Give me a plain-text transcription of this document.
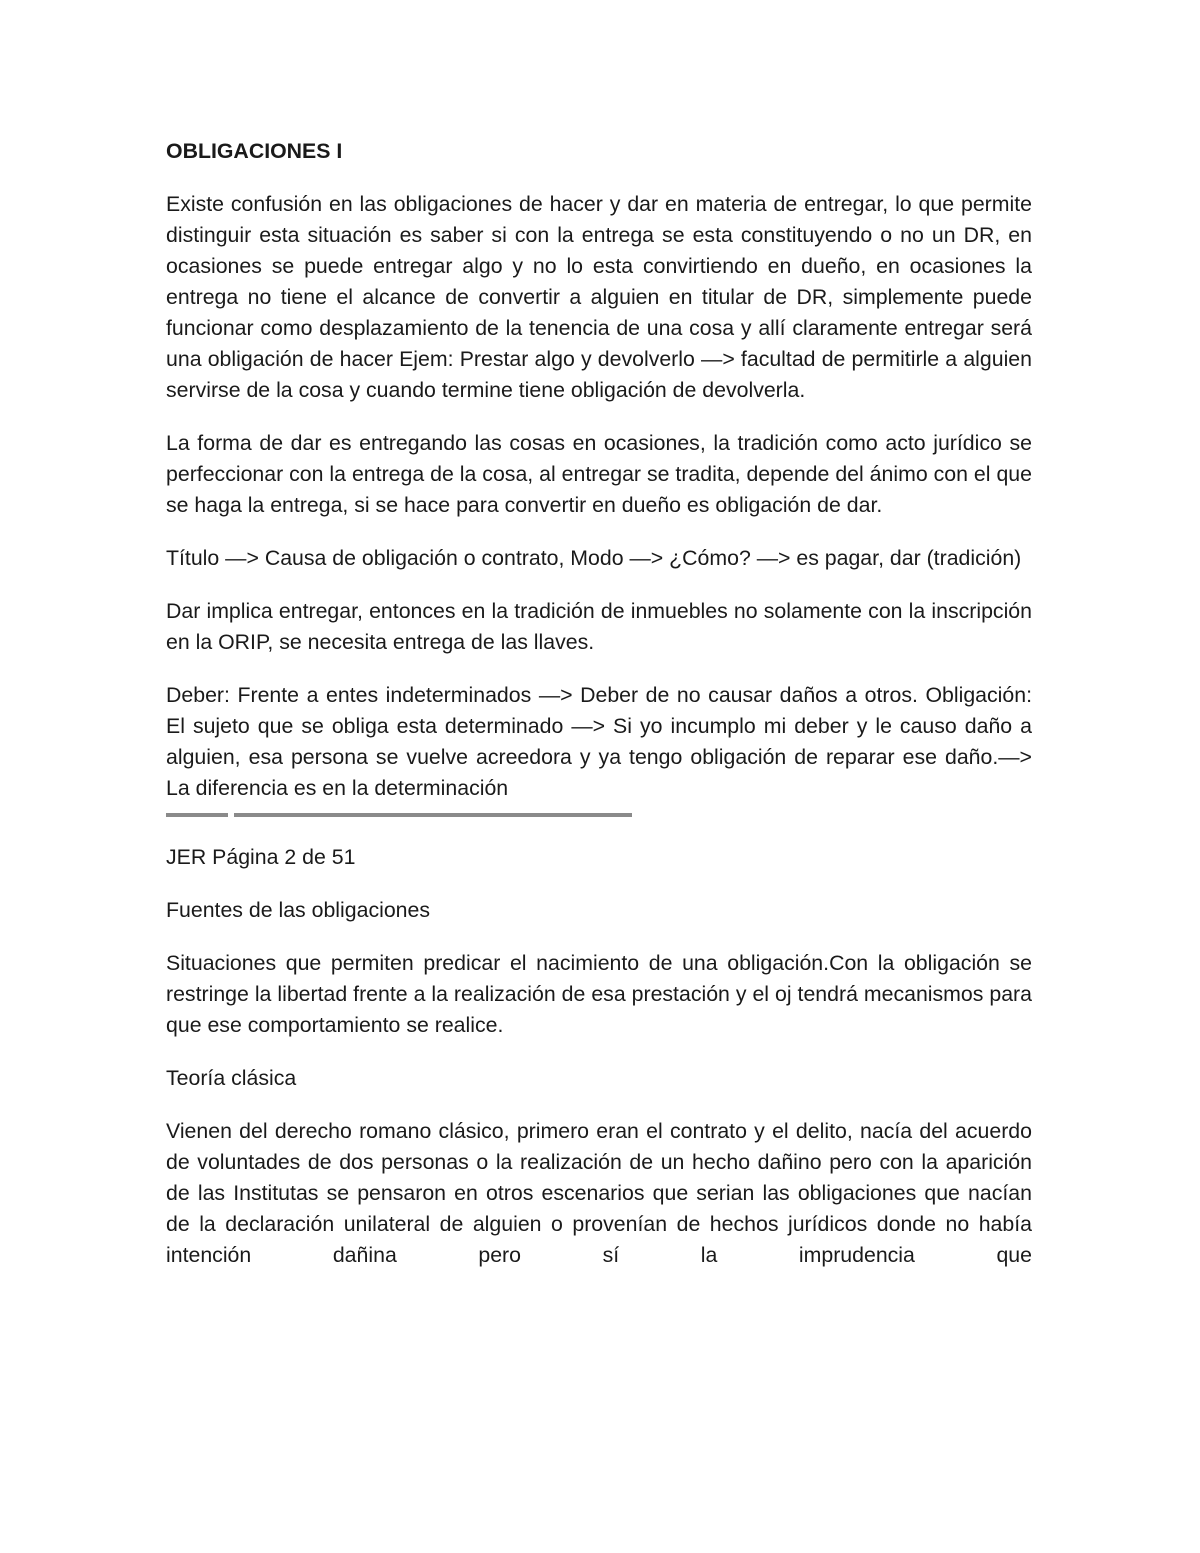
OBLIGACIONES I

Existe confusión en las obligaciones de hacer y dar en materia de entregar, lo que permite distinguir esta situación es saber si con la entrega se esta constituyendo o no un DR, en ocasiones se puede entregar algo y no lo esta convirtiendo en dueño, en ocasiones la entrega no tiene el alcance de convertir a alguien en titular de DR, simplemente puede funcionar como desplazamiento de la tenencia de una cosa y allí claramente entregar será una obligación de hacer Ejem: Prestar algo y devolverlo —> facultad de permitirle a alguien servirse de la cosa y cuando termine tiene obligación de devolverla.

La forma de dar es entregando las cosas en ocasiones, la tradición como acto jurídico se perfeccionar con la entrega de la cosa, al entregar se tradita, depende del ánimo con el que se haga la entrega, si se hace para convertir en dueño es obligación de dar.

Título —> Causa de obligación o contrato, Modo —> ¿Cómo? —> es pagar, dar (tradición)

Dar implica entregar, entonces en la tradición de inmuebles no solamente con la inscripción en la ORIP, se necesita entrega de las llaves.

Deber: Frente a entes indeterminados —> Deber de no causar daños a otros. Obligación: El sujeto que se obliga esta determinado —> Si yo incumplo mi deber y le causo daño a alguien, esa persona se vuelve acreedora y ya tengo obligación de reparar ese daño.—> La diferencia es en la determinación

JER Página 2 de 51

Fuentes de las obligaciones

Situaciones que permiten predicar el nacimiento de una obligación.Con la obligación se restringe la libertad frente a la realización de esa prestación y el oj tendrá mecanismos para que ese comportamiento se realice.

Teoría clásica

Vienen del derecho romano clásico, primero eran el contrato y el delito, nacía del acuerdo de voluntades de dos personas o la realización de un hecho dañino pero con la aparición de las Institutas se pensaron en otros escenarios que serian las obligaciones que nacían de la declaración unilateral de alguien o provenían de hechos jurídicos donde no había intención dañina pero sí la imprudencia que
